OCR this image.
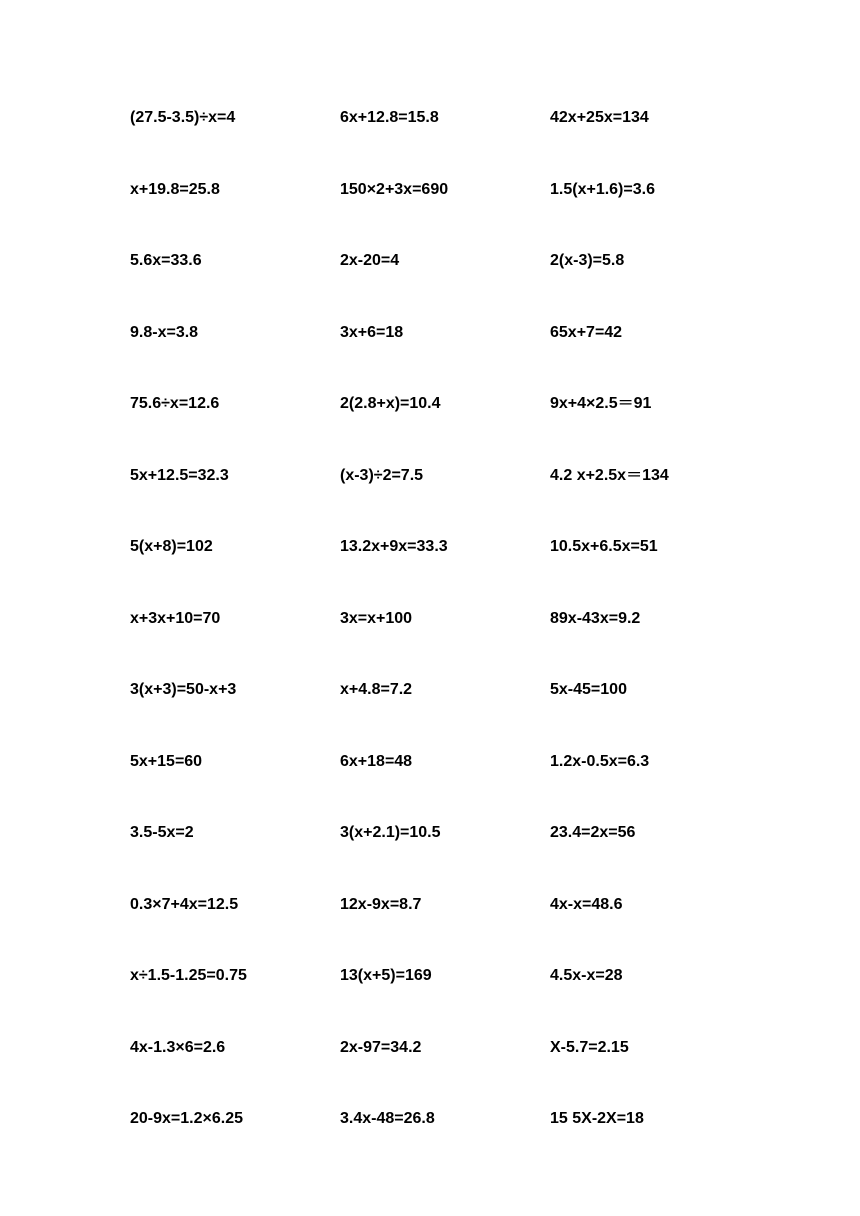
(27.5-3.5)÷x=4	6x+12.8=15.8	42x+25x=134
x+19.8=25.8	150×2+3x=690	1.5(x+1.6)=3.6
5.6x=33.6	2x-20=4	2(x-3)=5.8
9.8-x=3.8	3x+6=18	65x+7=42
75.6÷x=12.6	2(2.8+x)=10.4	9x+4×2.5＝91
5x+12.5=32.3	(x-3)÷2=7.5	4.2 x+2.5x＝134
5(x+8)=102	13.2x+9x=33.3	10.5x+6.5x=51
x+3x+10=70	3x=x+100	89x-43x=9.2
3(x+3)=50-x+3	x+4.8=7.2	5x-45=100
5x+15=60	6x+18=48	1.2x-0.5x=6.3
3.5-5x=2	3(x+2.1)=10.5	23.4=2x=56
0.3×7+4x=12.5	12x-9x=8.7	4x-x=48.6
x÷1.5-1.25=0.75	13(x+5)=169	4.5x-x=28
4x-1.3×6=2.6	2x-97=34.2	X-5.7=2.15
20-9x=1.2×6.25	3.4x-48=26.8	15 5X-2X=18
